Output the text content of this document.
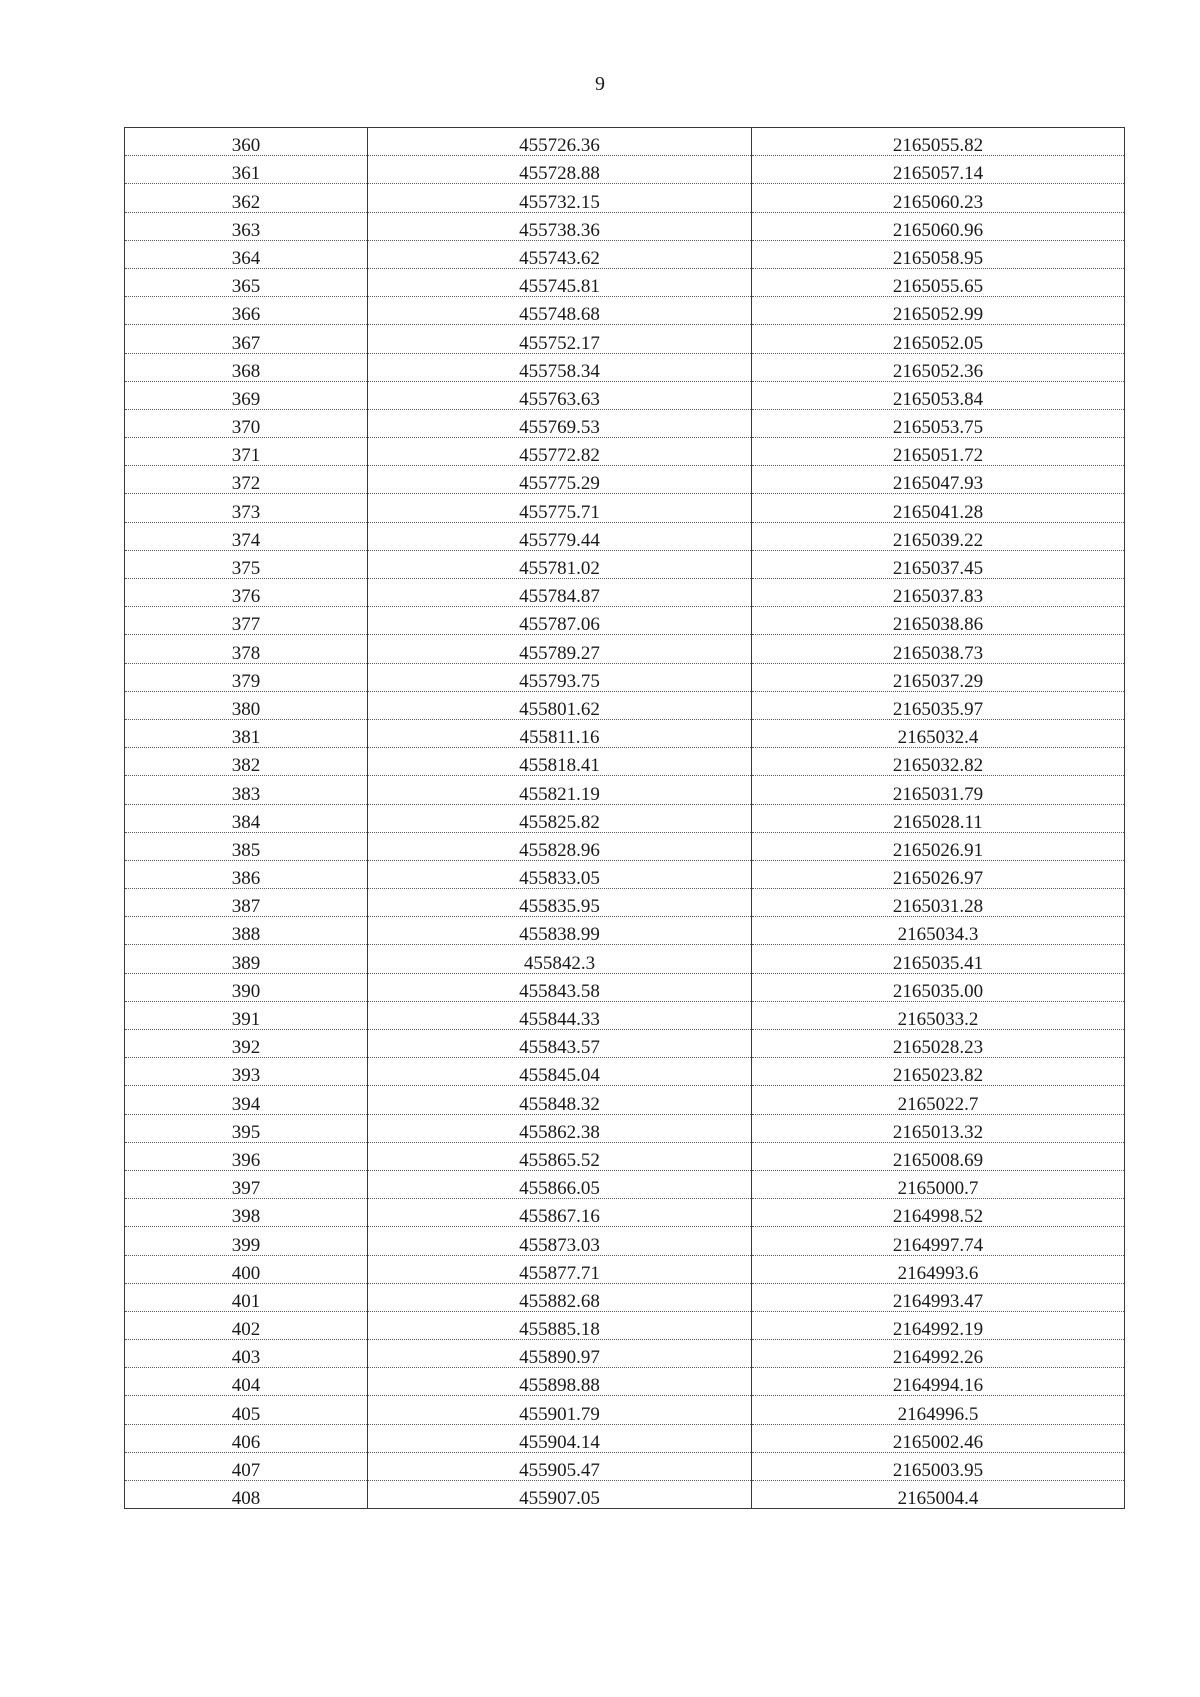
9
360	455726.36	2165055.82
361	455728.88	2165057.14
362	455732.15	2165060.23
363	455738.36	2165060.96
364	455743.62	2165058.95
365	455745.81	2165055.65
366	455748.68	2165052.99
367	455752.17	2165052.05
368	455758.34	2165052.36
369	455763.63	2165053.84
370	455769.53	2165053.75
371	455772.82	2165051.72
372	455775.29	2165047.93
373	455775.71	2165041.28
374	455779.44	2165039.22
375	455781.02	2165037.45
376	455784.87	2165037.83
377	455787.06	2165038.86
378	455789.27	2165038.73
379	455793.75	2165037.29
380	455801.62	2165035.97
381	455811.16	2165032.4
382	455818.41	2165032.82
383	455821.19	2165031.79
384	455825.82	2165028.11
385	455828.96	2165026.91
386	455833.05	2165026.97
387	455835.95	2165031.28
388	455838.99	2165034.3
389	455842.3	2165035.41
390	455843.58	2165035.00
391	455844.33	2165033.2
392	455843.57	2165028.23
393	455845.04	2165023.82
394	455848.32	2165022.7
395	455862.38	2165013.32
396	455865.52	2165008.69
397	455866.05	2165000.7
398	455867.16	2164998.52
399	455873.03	2164997.74
400	455877.71	2164993.6
401	455882.68	2164993.47
402	455885.18	2164992.19
403	455890.97	2164992.26
404	455898.88	2164994.16
405	455901.79	2164996.5
406	455904.14	2165002.46
407	455905.47	2165003.95
408	455907.05	2165004.4
